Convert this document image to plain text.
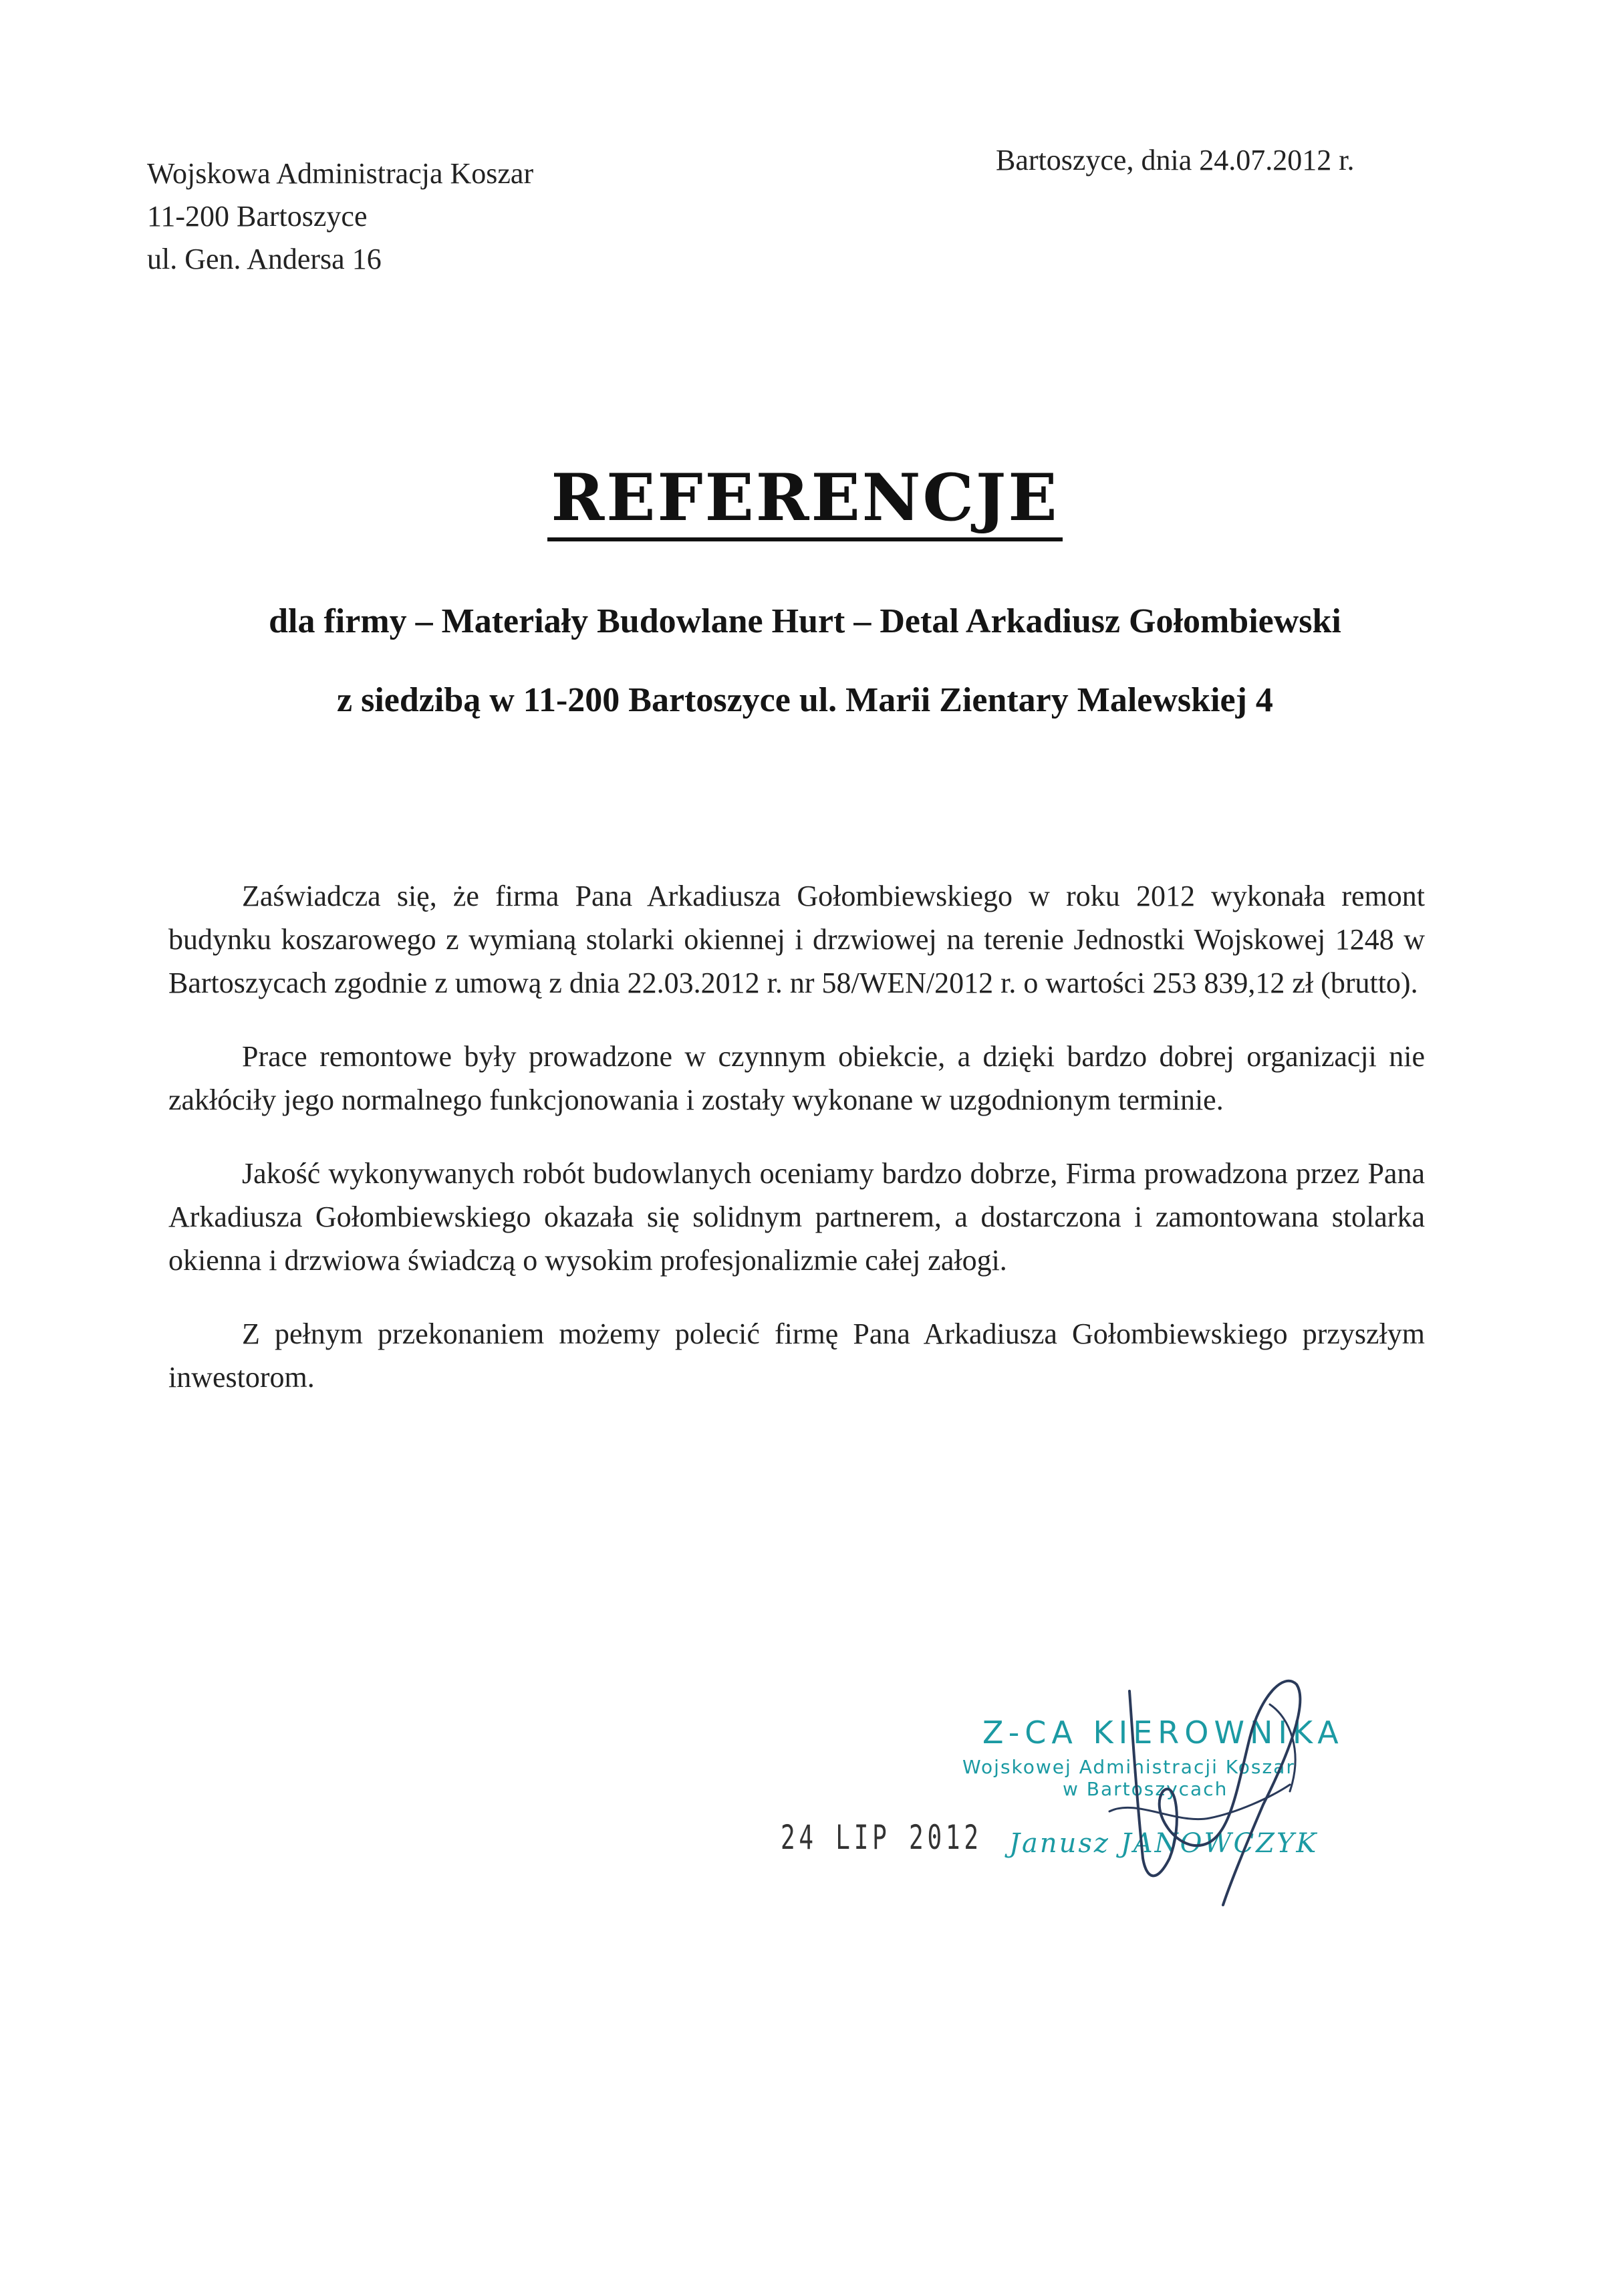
Wojskowa Administracja Koszar
11-200 Bartoszyce
ul. Gen. Andersa 16
Bartoszyce, dnia 24.07.2012 r.
REFERENCJE
dla firmy – Materiały Budowlane Hurt – Detal Arkadiusz Gołombiewski
z siedzibą w 11-200 Bartoszyce ul. Marii Zientary Malewskiej 4

Zaświadcza się, że firma Pana Arkadiusza Gołombiewskiego w roku 2012 wykonała remont budynku koszarowego z wymianą stolarki okiennej i drzwiowej na terenie Jednostki Wojskowej 1248 w Bartoszycach zgodnie z umową z dnia 22.03.2012 r. nr 58/WEN/2012 r. o wartości 253 839,12 zł (brutto).

Prace remontowe były prowadzone w czynnym obiekcie, a dzięki bardzo dobrej organizacji nie zakłóciły jego normalnego funkcjonowania i zostały wykonane w uzgodnionym terminie.

Jakość wykonywanych robót budowlanych oceniamy bardzo dobrze, Firma prowadzona przez Pana Arkadiusza Gołombiewskiego okazała się solidnym partnerem, a dostarczona i zamontowana stolarka okienna i drzwiowa świadczą o wysokim profesjonalizmie całej załogi.

Z pełnym przekonaniem możemy polecić firmę Pana Arkadiusza Gołombiewskiego przyszłym inwestorom.

24 LIP 2012
Z-CA KIEROWNIKA
Wojskowej Administracji Koszar
w Bartoszycach
Janusz JANOWCZYK
